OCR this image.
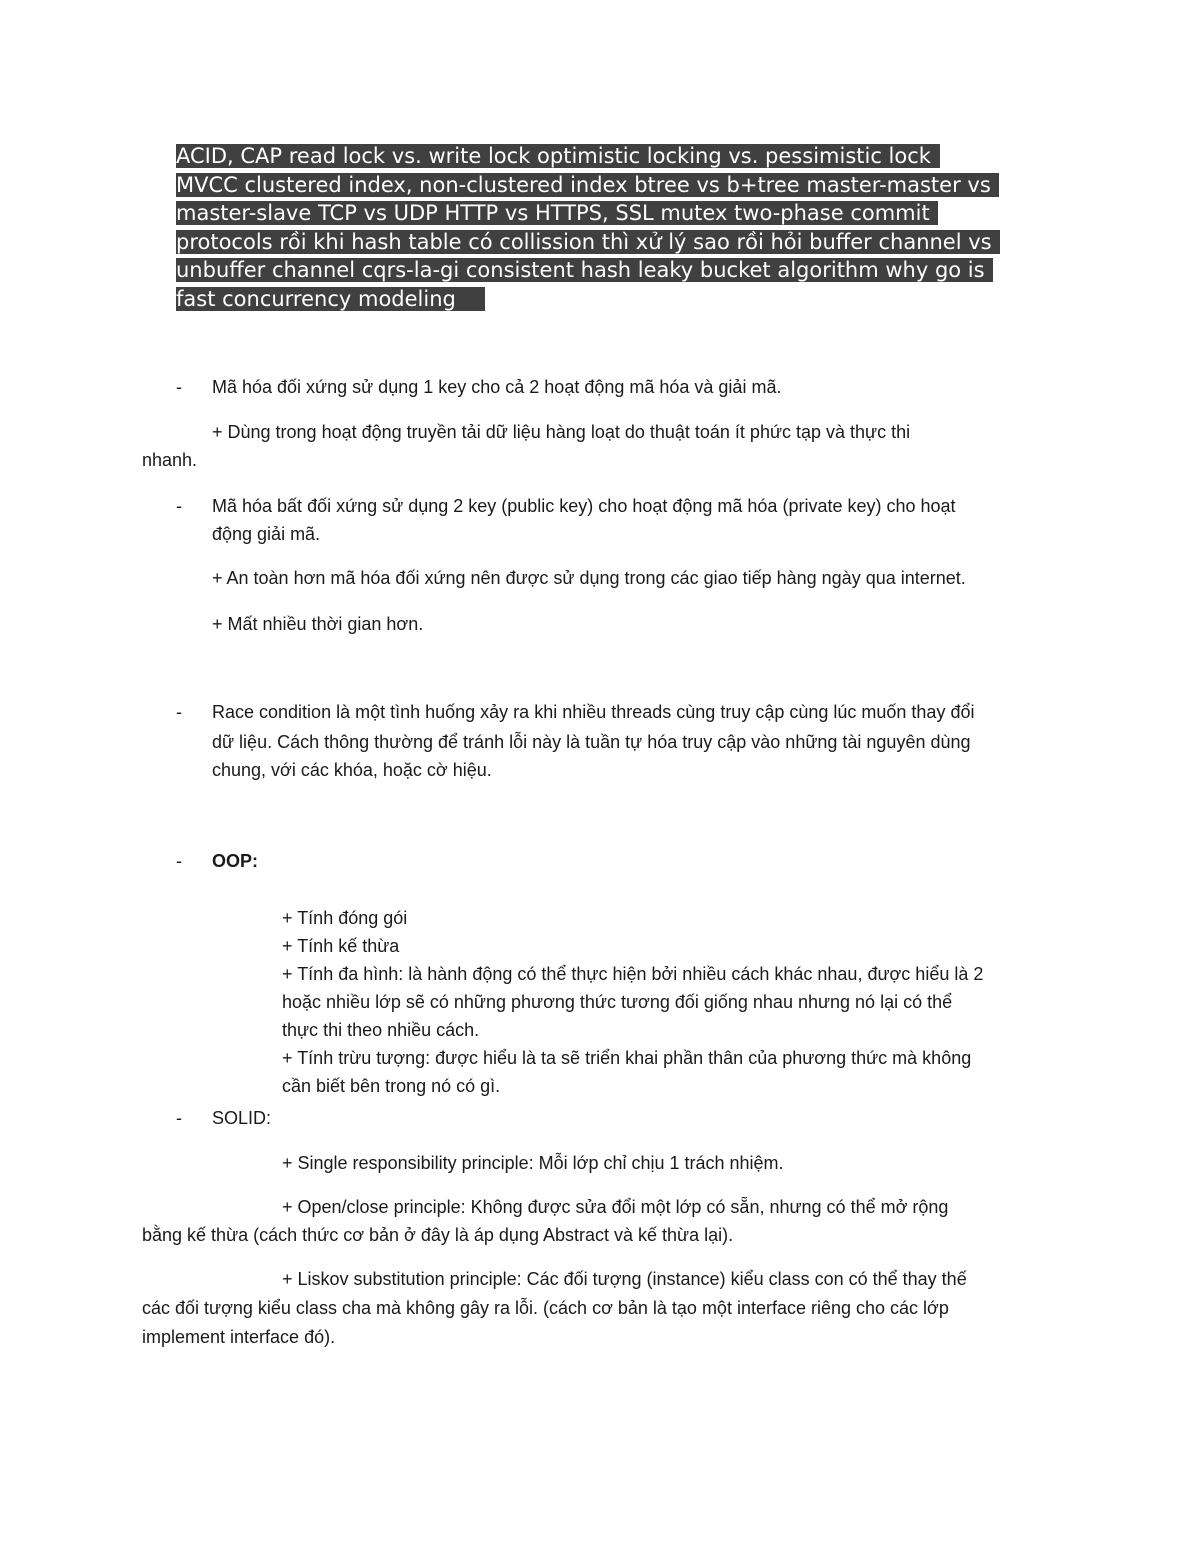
ACID, CAP read lock vs. write lock optimistic locking vs. pessimistic lock
MVCC clustered index, non-clustered index btree vs b+tree master-master vs
master-slave TCP vs UDP HTTP vs HTTPS, SSL mutex two-phase commit
protocols rồi khi hash table có collission thì xử lý sao rồi hỏi buffer channel vs
unbuffer channel cqrs-la-gi consistent hash leaky bucket algorithm why go is
fast concurrency modeling
- Mã hóa đối xứng sử dụng 1 key cho cả 2 hoạt động mã hóa và giải mã.
+ Dùng trong hoạt động truyền tải dữ liệu hàng loạt do thuật toán ít phức tạp và thực thi
nhanh.
- Mã hóa bất đối xứng sử dụng 2 key (public key) cho hoạt động mã hóa (private key) cho hoạt
động giải mã.
+ An toàn hơn mã hóa đối xứng nên được sử dụng trong các giao tiếp hàng ngày qua internet.
+ Mất nhiều thời gian hơn.
- Race condition là một tình huống xảy ra khi nhiều threads cùng truy cập cùng lúc muốn thay đổi
dữ liệu. Cách thông thường để tránh lỗi này là tuần tự hóa truy cập vào những tài nguyên dùng
chung, với các khóa, hoặc cờ hiệu.
- OOP:
+ Tính đóng gói
+ Tính kế thừa
+ Tính đa hình: là hành động có thể thực hiện bởi nhiều cách khác nhau, được hiểu là 2
hoặc nhiều lớp sẽ có những phương thức tương đối giống nhau nhưng nó lại có thể
thực thi theo nhiều cách.
+ Tính trừu tượng: được hiểu là ta sẽ triển khai phần thân của phương thức mà không
cần biết bên trong nó có gì.
- SOLID:
+ Single responsibility principle: Mỗi lớp chỉ chịu 1 trách nhiệm.
+ Open/close principle: Không được sửa đổi một lớp có sẵn, nhưng có thể mở rộng
bằng kế thừa (cách thức cơ bản ở đây là áp dụng Abstract và kế thừa lại).
+ Liskov substitution principle: Các đối tượng (instance) kiểu class con có thể thay thế
các đối tượng kiểu class cha mà không gây ra lỗi. (cách cơ bản là tạo một interface riêng cho các lớp
implement interface đó).
